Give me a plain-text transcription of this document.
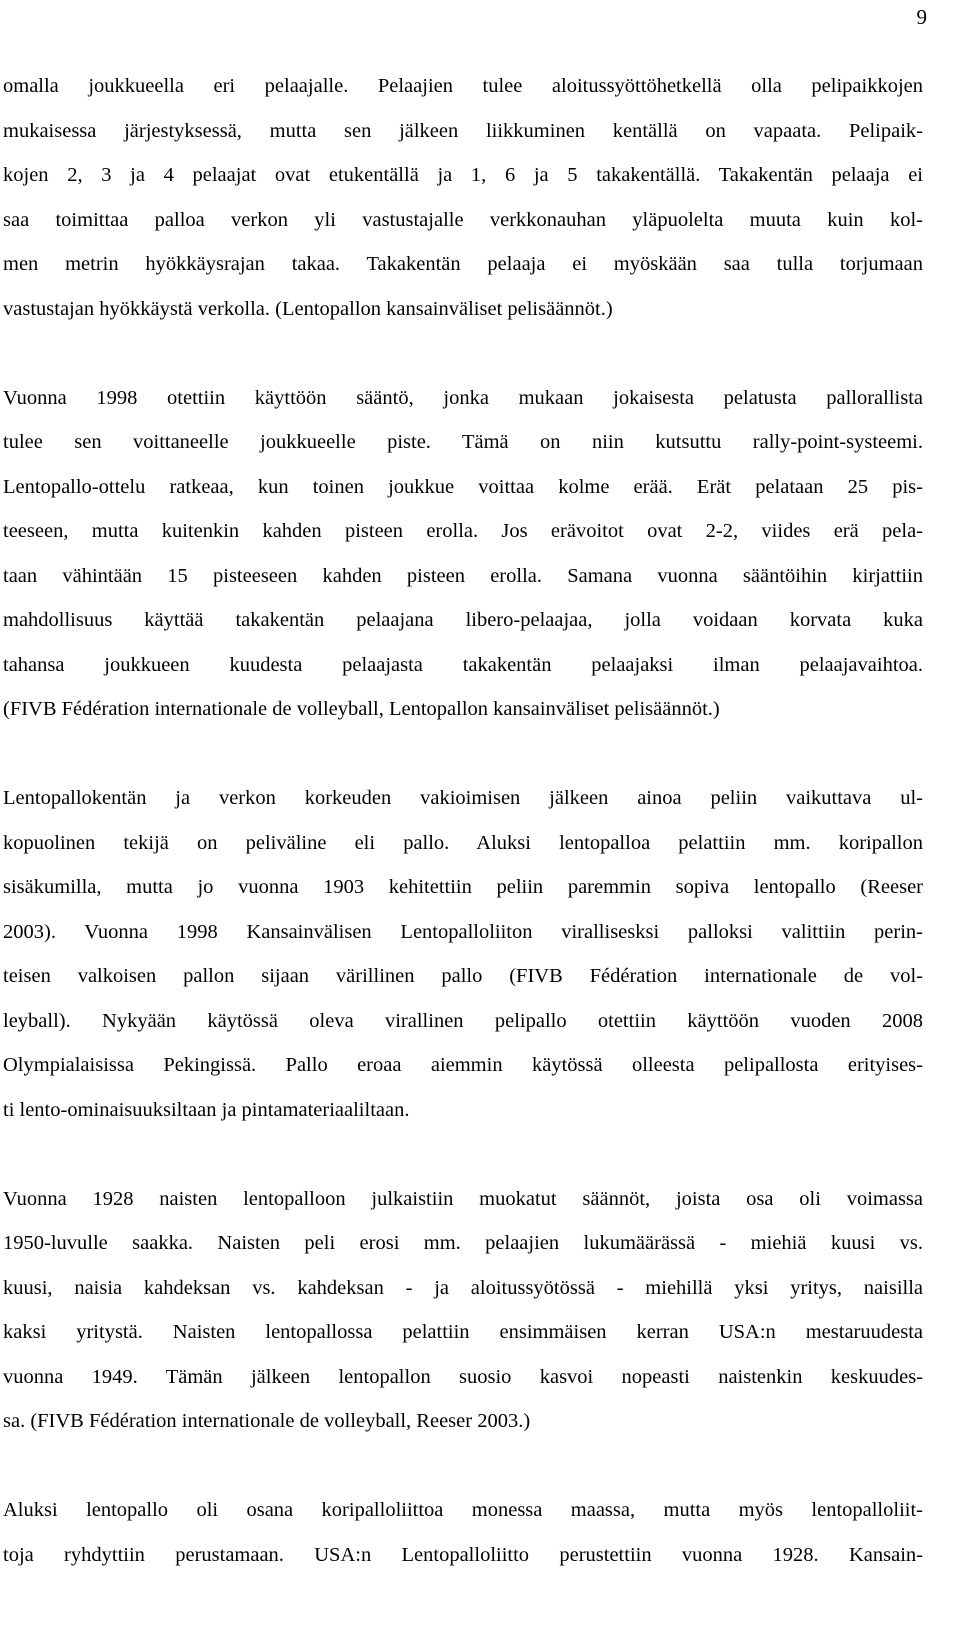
9
omalla joukkueella eri pelaajalle. Pelaajien tulee aloitussyöttöhetkellä olla pelipaikkojen
mukaisessa järjestyksessä, mutta sen jälkeen liikkuminen kentällä on vapaata. Pelipaik-
kojen 2, 3 ja 4 pelaajat ovat etukentällä ja 1, 6 ja 5 takakentällä. Takakentän pelaaja ei
saa toimittaa palloa verkon yli vastustajalle verkkonauhan yläpuolelta muuta kuin kol-
men metrin hyökkäysrajan takaa. Takakentän pelaaja ei myöskään saa tulla torjumaan
vastustajan hyökkäystä verkolla. (Lentopallon kansainväliset pelisäännöt.)
Vuonna 1998 otettiin käyttöön sääntö, jonka mukaan jokaisesta pelatusta pallorallista
tulee sen voittaneelle joukkueelle piste. Tämä on niin kutsuttu rally-point-systeemi.
Lentopallo-ottelu ratkeaa, kun toinen joukkue voittaa kolme erää. Erät pelataan 25 pis-
teeseen, mutta kuitenkin kahden pisteen erolla. Jos erävoitot ovat 2-2, viides erä pela-
taan vähintään 15 pisteeseen kahden pisteen erolla. Samana vuonna sääntöihin kirjattiin
mahdollisuus käyttää takakentän pelaajana libero-pelaajaa, jolla voidaan korvata kuka
tahansa joukkueen kuudesta pelaajasta takakentän pelaajaksi ilman pelaajavaihtoa.
(FIVB Fédération internationale de volleyball, Lentopallon kansainväliset pelisäännöt.)
Lentopallokentän ja verkon korkeuden vakioimisen jälkeen ainoa peliin vaikuttava ul-
kopuolinen tekijä on peliväline eli pallo. Aluksi lentopalloa pelattiin mm. koripallon
sisäkumilla, mutta jo vuonna 1903 kehitettiin peliin paremmin sopiva lentopallo (Reeser
2003). Vuonna 1998 Kansainvälisen Lentopalloliiton virallisesksi palloksi valittiin perin-
teisen valkoisen pallon sijaan värillinen pallo (FIVB Fédération internationale de vol-
leyball). Nykyään käytössä oleva virallinen pelipallo otettiin käyttöön vuoden 2008
Olympialaisissa Pekingissä. Pallo eroaa aiemmin käytössä olleesta pelipallosta erityises-
ti lento-ominaisuuksiltaan ja pintamateriaaliltaan.
Vuonna 1928 naisten lentopalloon julkaistiin muokatut säännöt, joista osa oli voimassa
1950-luvulle saakka. Naisten peli erosi mm. pelaajien lukumäärässä - miehiä kuusi vs.
kuusi, naisia kahdeksan vs. kahdeksan - ja aloitussyötössä - miehillä yksi yritys, naisilla
kaksi yritystä. Naisten lentopallossa pelattiin ensimmäisen kerran USA:n mestaruudesta
vuonna 1949. Tämän jälkeen lentopallon suosio kasvoi nopeasti naistenkin keskuudes-
sa. (FIVB Fédération internationale de volleyball, Reeser 2003.)
Aluksi lentopallo oli osana koripalloliittoa monessa maassa, mutta myös lentopalloliit-
toja ryhdyttiin perustamaan. USA:n Lentopalloliitto perustettiin vuonna 1928. Kansain-
